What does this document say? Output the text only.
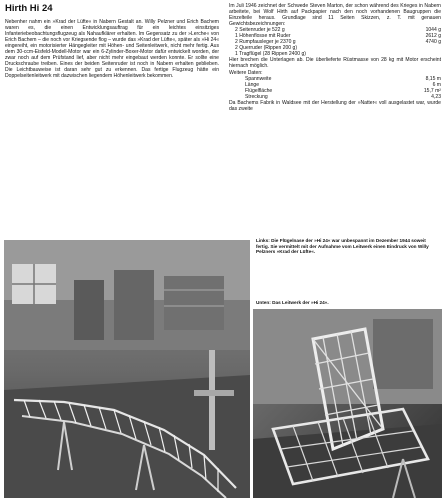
Hirth Hi 24

Nebenher nahm ein »Krad der Lüfte« in Nabern Gestalt an. Willy Pelzner und Erich Bachem waren es, die einen Entwicklungsauftrag für ein leichtes einsitziges Infanteriebeobachtungsflugzeug als Nahaufklärer erhalten. Im Gegensatz zu der »Lerche« von Erich Bachem – die noch vor Kriegsende flog – wurde das »Krad der Lüfte«, später als »Hi 24« eingereiht, ein motorisierter Hängegleiter mit Höhen- und Seitenleitwerk, nicht mehr fertig. Aus dem 30-ccm-Eisfeld-Modell-Motor war ein 6-Zylinder-Boxer-Motor dafür entwickelt worden, der zwar noch auf dem Prüfstand lief, aber nicht mehr eingebaut werden konnte. Er sollte eine Druckschraube treiben. Eines der beiden Seitenruder ist noch in Nabern erhalten geblieben. Die Leichtbauweise ist daran sehr gut zu erkennen. Das fertige Flugzeug hätte ein Doppelseitenleitwerk mit dazwischen liegendem Höhenleitwerk bekommen.

Im Juli 1946 zeichnet der Schwede Steven Marton, der schon während des Krieges in Nabern arbeitete, bei Wolf Hirth auf Packpapier nach den noch vorhandenen Baugruppen die Einzelteile heraus. Grundlage sind 11 Seiten Skizzen, z. T. mit genauen Gewichtsbezeichnungen:

2 Seitenruder je 522 g	1044 g
1 Höhenflosse mit Ruder	2612 g
2 Rumpfausleger je 2370 g	4740 g
2 Querruder (Rippen 200 g)
1 Tragflügel (28 Rippen 2400 g)

Hier brechen die Unterlagen ab. Die überlieferte Rüstmasse von 28 kg mit Motor erscheint hiernach möglich.

Weitere Daten:

Spannweite	8,15 m
Länge	6 m
Flügelfläche	15,7 m²
Streckung	4,23

Da Bachems Fabrik in Waldsee mit der Herstellung der »Natter« voll ausgelastet war, wurde das zweite

Links: Die Flügelnase der »Hi 24« war unbespannt im Dezember 1944 soweit fertig. Sie vermittelt mit der Aufnahme vom Leitwerk einen Eindruck von Willy Pelzners »Krad der Lüfte«.
Unten: Das Leitwerk der »Hi 24«.
